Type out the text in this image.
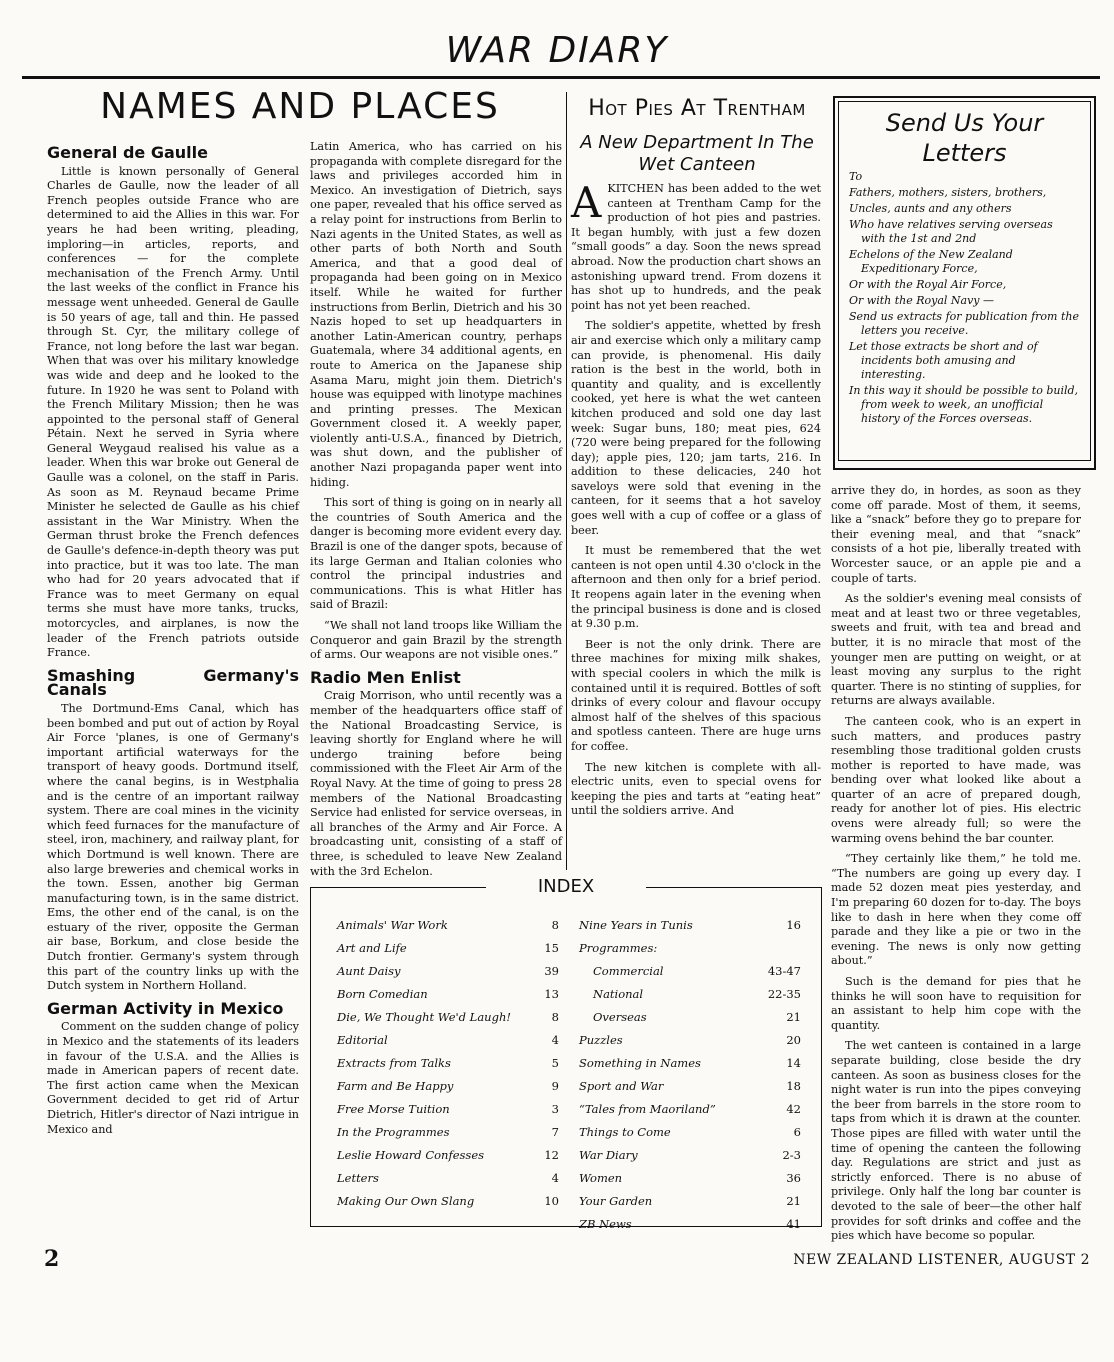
WAR DIARY
NAMES AND PLACES
General de Gaulle

Little is known personally of General Charles de Gaulle, now the leader of all French peoples outside France who are determined to aid the Allies in this war. For years he had been writing, pleading, imploring—in articles, reports, and conferences — for the complete mechanisation of the French Army. Until the last weeks of the conflict in France his message went unheeded. General de Gaulle is 50 years of age, tall and thin. He passed through St. Cyr, the military college of France, not long before the last war began. When that was over his military knowledge was wide and deep and he looked to the future. In 1920 he was sent to Poland with the French Military Mission; then he was appointed to the personal staff of General Pétain. Next he served in Syria where General Weygaud realised his value as a leader. When this war broke out General de Gaulle was a colonel, on the staff in Paris. As soon as M. Reynaud became Prime Minister he selected de Gaulle as his chief assistant in the War Ministry. When the German thrust broke the French defences de Gaulle's defence-in-depth theory was put into practice, but it was too late. The man who had for 20 years advocated that if France was to meet Germany on equal terms she must have more tanks, trucks, motorcycles, and airplanes, is now the leader of the French patriots outside France.

Smashing Germany's Canals

The Dortmund-Ems Canal, which has been bombed and put out of action by Royal Air Force 'planes, is one of Germany's important artificial waterways for the transport of heavy goods. Dortmund itself, where the canal begins, is in Westphalia and is the centre of an important railway system. There are coal mines in the vicinity which feed furnaces for the manufacture of steel, iron, machinery, and railway plant, for which Dortmund is well known. There are also large breweries and chemical works in the town. Essen, another big German manufacturing town, is in the same district. Ems, the other end of the canal, is on the estuary of the river, opposite the German air base, Borkum, and close beside the Dutch frontier. Germany's system through this part of the country links up with the Dutch system in Northern Holland.

German Activity in Mexico

Comment on the sudden change of policy in Mexico and the statements of its leaders in favour of the U.S.A. and the Allies is made in American papers of recent date. The first action came when the Mexican Government decided to get rid of Artur Dietrich, Hitler's director of Nazi intrigue in Mexico and

Latin America, who has carried on his propaganda with complete disregard for the laws and privileges accorded him in Mexico. An investigation of Dietrich, says one paper, revealed that his office served as a relay point for instructions from Berlin to Nazi agents in the United States, as well as other parts of both North and South America, and that a good deal of propaganda had been going on in Mexico itself. While he waited for further instructions from Berlin, Dietrich and his 30 Nazis hoped to set up headquarters in another Latin-American country, perhaps Guatemala, where 34 additional agents, en route to America on the Japanese ship Asama Maru, might join them. Dietrich's house was equipped with linotype machines and printing presses. The Mexican Government closed it. A weekly paper, violently anti-U.S.A., financed by Dietrich, was shut down, and the publisher of another Nazi propaganda paper went into hiding.

This sort of thing is going on in nearly all the countries of South America and the danger is becoming more evident every day. Brazil is one of the danger spots, because of its large German and Italian colonies who control the principal industries and communications. This is what Hitler has said of Brazil:

“We shall not land troops like William the Conqueror and gain Brazil by the strength of arms. Our weapons are not visible ones.”

Radio Men Enlist

Craig Morrison, who until recently was a member of the headquarters office staff of the National Broadcasting Service, is leaving shortly for England where he will undergo training before being commissioned with the Fleet Air Arm of the Royal Navy. At the time of going to press 28 members of the National Broadcasting Service had enlisted for service overseas, in all branches of the Army and Air Force. A broadcasting unit, consisting of a staff of three, is scheduled to leave New Zealand with the 3rd Echelon.

Hot Pies At Trentham
A New Department In The Wet Canteen

AKITCHEN has been added to the wet canteen at Trentham Camp for the production of hot pies and pastries. It began humbly, with just a few dozen “small goods” a day. Soon the news spread abroad. Now the production chart shows an astonishing upward trend. From dozens it has shot up to hundreds, and the peak point has not yet been reached.

The soldier's appetite, whetted by fresh air and exercise which only a military camp can provide, is phenomenal. His daily ration is the best in the world, both in quantity and quality, and is excellently cooked, yet here is what the wet canteen kitchen produced and sold one day last week: Sugar buns, 180; meat pies, 624 (720 were being prepared for the following day); apple pies, 120; jam tarts, 216. In addition to these delicacies, 240 hot saveloys were sold that evening in the canteen, for it seems that a hot saveloy goes well with a cup of coffee or a glass of beer.

It must be remembered that the wet canteen is not open until 4.30 o'clock in the afternoon and then only for a brief period. It reopens again later in the evening when the principal business is done and is closed at 9.30 p.m.

Beer is not the only drink. There are three machines for mixing milk shakes, with special coolers in which the milk is contained until it is required. Bottles of soft drinks of every colour and flavour occupy almost half of the shelves of this spacious and spotless canteen. There are huge urns for coffee.

The new kitchen is complete with all-electric units, even to special ovens for keeping the pies and tarts at “eating heat” until the soldiers arrive. And

Send Us Your
Letters
To
Fathers, mothers, sisters, brothers,
Uncles, aunts and any others
Who have relatives serving overseas with the 1st and 2nd
Echelons of the New Zealand Expeditionary Force,
Or with the Royal Air Force,
Or with the Royal Navy —
Send us extracts for publication from the letters you receive.
Let those extracts be short and of incidents both amusing and interesting.
In this way it should be possible to build, from week to week, an unofficial history of the Forces overseas.

arrive they do, in hordes, as soon as they come off parade. Most of them, it seems, like a “snack” before they go to prepare for their evening meal, and that “snack” consists of a hot pie, liberally treated with Worcester sauce, or an apple pie and a couple of tarts.

As the soldier's evening meal consists of meat and at least two or three vegetables, sweets and fruit, with tea and bread and butter, it is no miracle that most of the younger men are putting on weight, or at least moving any surplus to the right quarter. There is no stinting of supplies, for returns are always available.

The canteen cook, who is an expert in such matters, and produces pastry resembling those traditional golden crusts mother is reported to have made, was bending over what looked like about a quarter of an acre of prepared dough, ready for another lot of pies. His electric ovens were already full; so were the warming ovens behind the bar counter.

“They certainly like them,” he told me. “The numbers are going up every day. I made 52 dozen meat pies yesterday, and I'm preparing 60 dozen for to-day. The boys like to dash in here when they come off parade and they like a pie or two in the evening. The news is only now getting about.”

Such is the demand for pies that he thinks he will soon have to requisition for an assistant to help him cope with the quantity.

The wet canteen is contained in a large separate building, close beside the dry canteen. As soon as business closes for the night water is run into the pipes conveying the beer from barrels in the store room to taps from which it is drawn at the counter. Those pipes are filled with water until the time of opening the canteen the following day. Regulations are strict and just as strictly enforced. There is no abuse of privilege. Only half the long bar counter is devoted to the sale of beer—the other half provides for soft drinks and coffee and the pies which have become so popular.

INDEX
Animals' War Work	8
Art and Life	15
Aunt Daisy	39
Born Comedian	13
Die, We Thought We'd Laugh!	8
Editorial	4
Extracts from Talks	5
Farm and Be Happy	9
Free Morse Tuition	3
In the Programmes	7
Leslie Howard Confesses	12
Letters	4
Making Our Own Slang	10
Nine Years in Tunis	16
Programmes:
Commercial	43-47
National	22-35
Overseas	21
Puzzles	20
Something in Names	14
Sport and War	18
“Tales from Maoriland”	42
Things to Come	6
War Diary	2-3
Women	36
Your Garden	21
ZB News	41
2	NEW ZEALAND LISTENER, AUGUST 2
